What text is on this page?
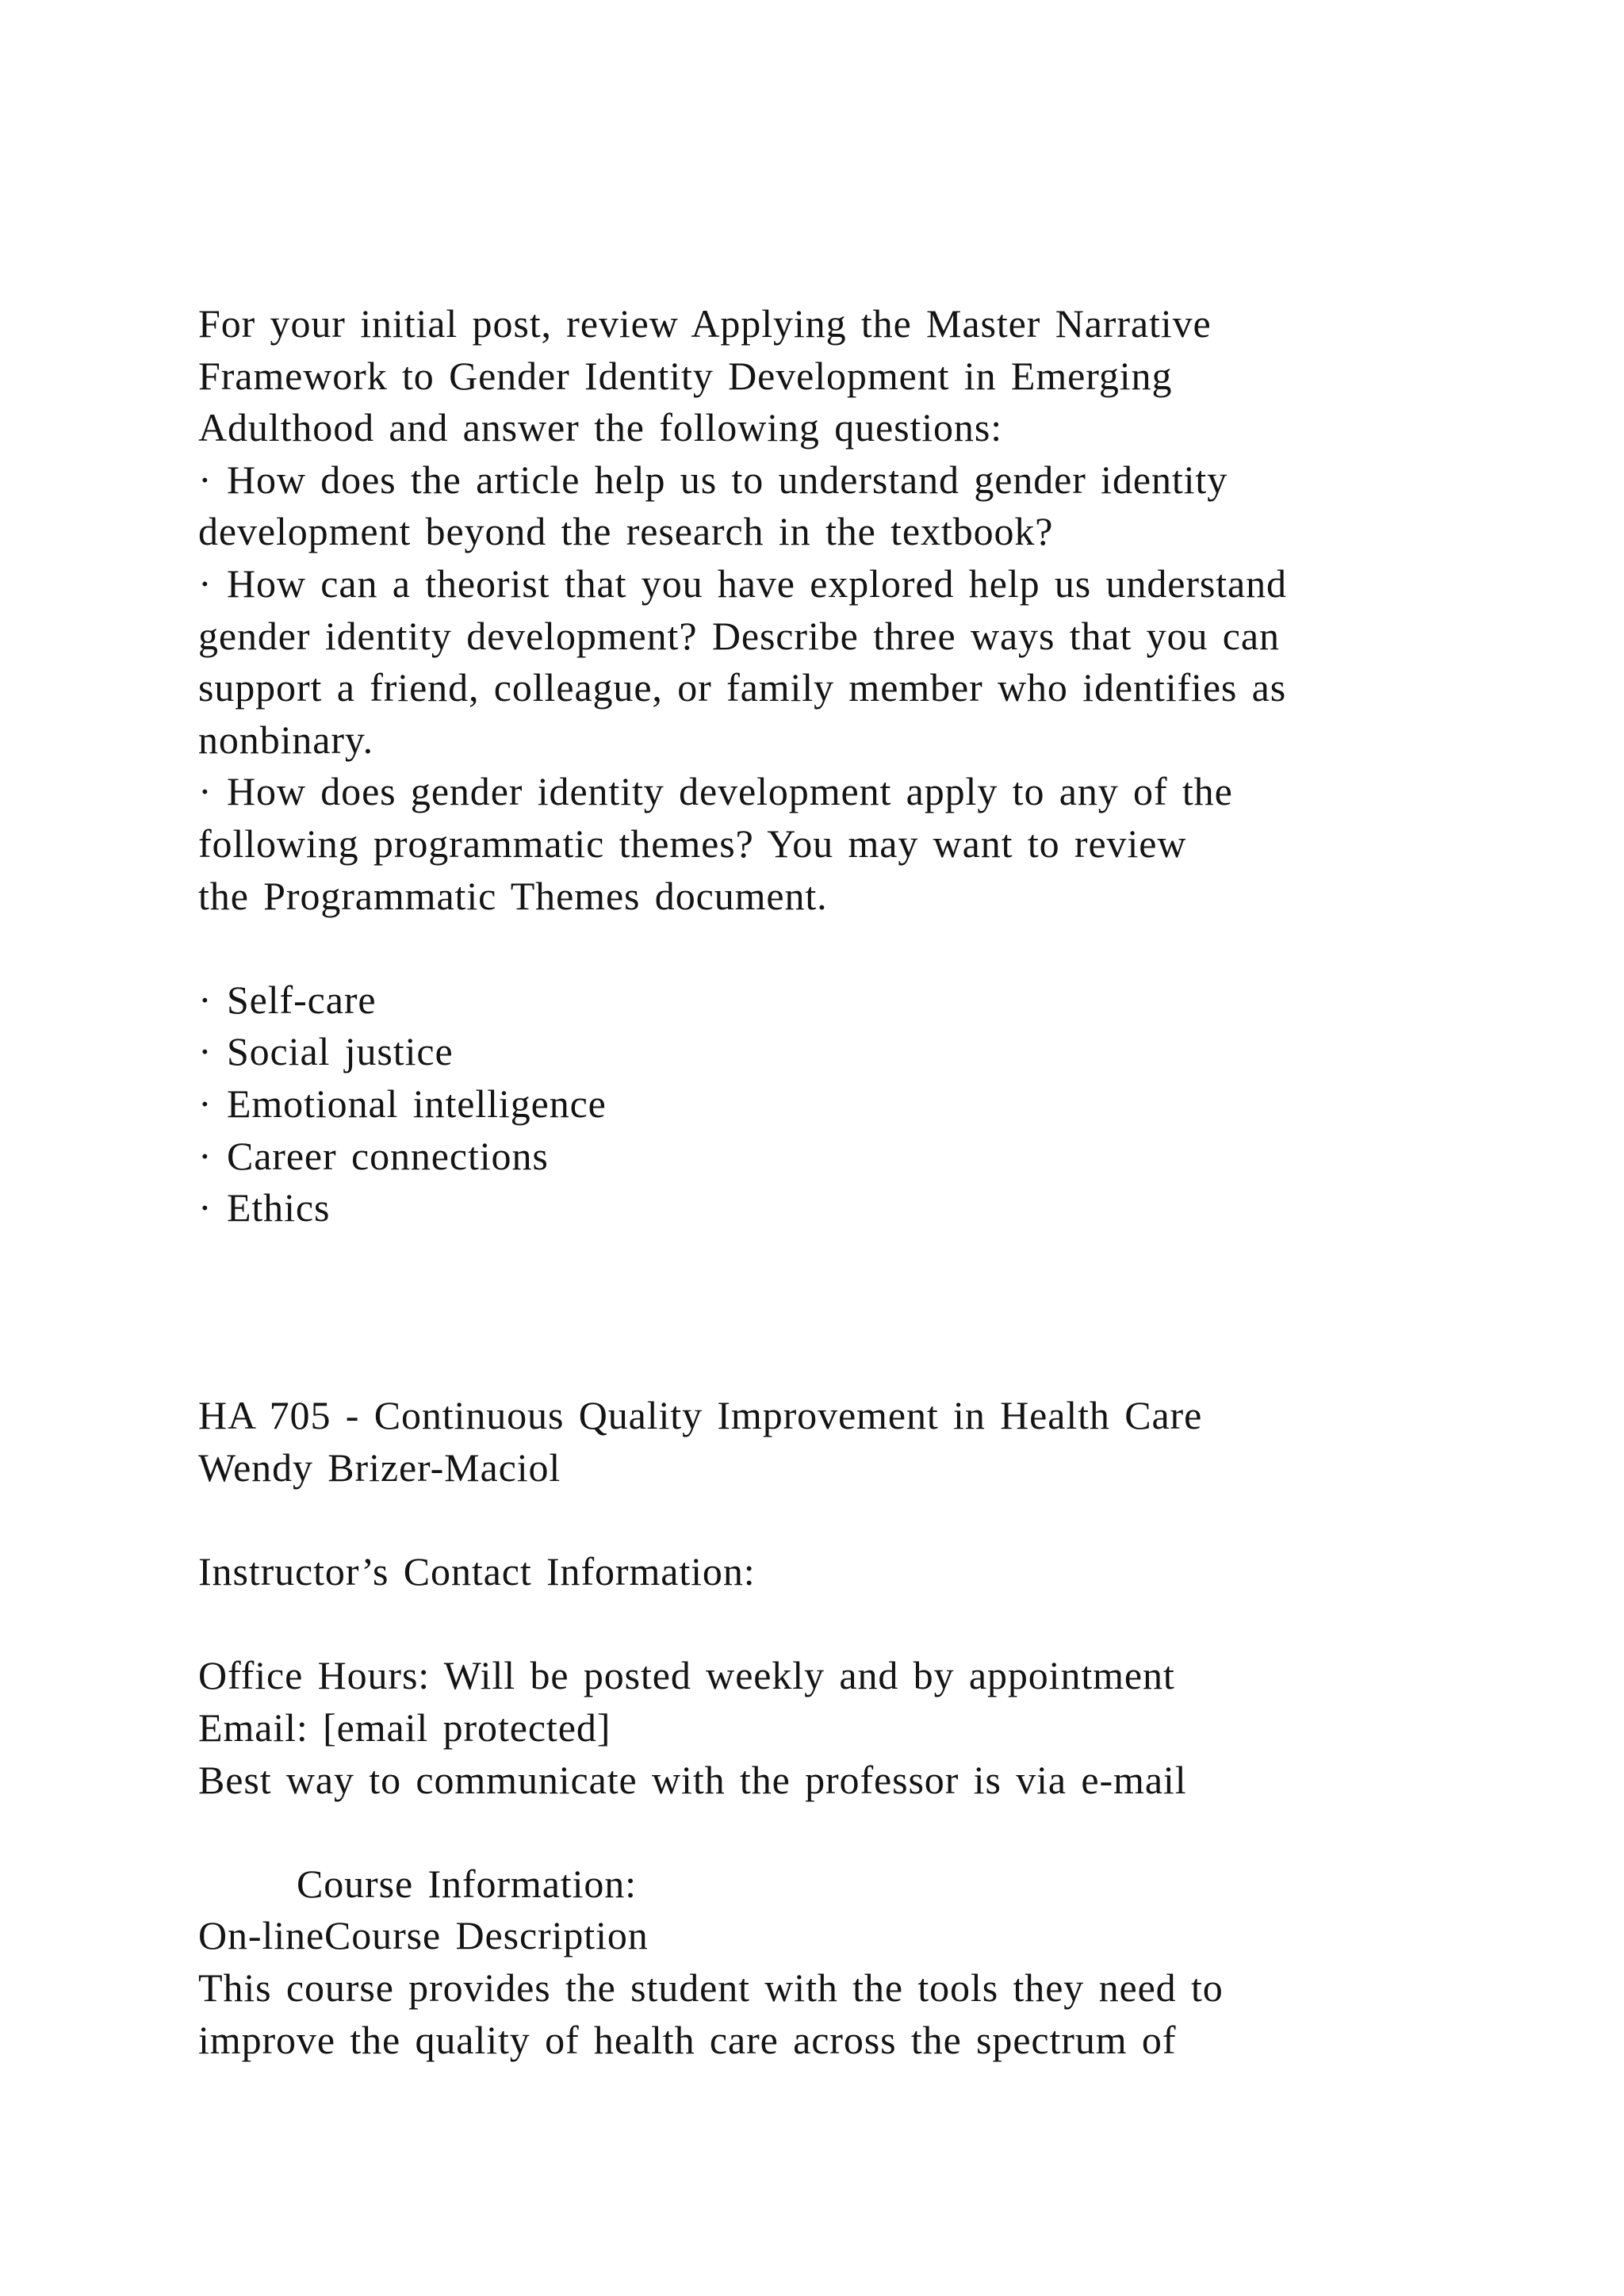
For your initial post, review Applying the Master Narrative
Framework to Gender Identity Development in Emerging
Adulthood and answer the following questions:
· How does the article help us to understand gender identity
development beyond the research in the textbook?
· How can a theorist that you have explored help us understand
gender identity development? Describe three ways that you can
support a friend, colleague, or family member who identifies as
nonbinary.
· How does gender identity development apply to any of the
following programmatic themes? You may want to review
the Programmatic Themes document.
· Self-care
· Social justice
· Emotional intelligence
· Career connections
· Ethics
HA 705 - Continuous Quality Improvement in Health Care
Wendy Brizer-Maciol
Instructor’s Contact Information:
Office Hours: Will be posted weekly and by appointment
Email: [email protected]
Best way to communicate with the professor is via e-mail
Course Information:
On-lineCourse Description
This course provides the student with the tools they need to
improve the quality of health care across the spectrum of
